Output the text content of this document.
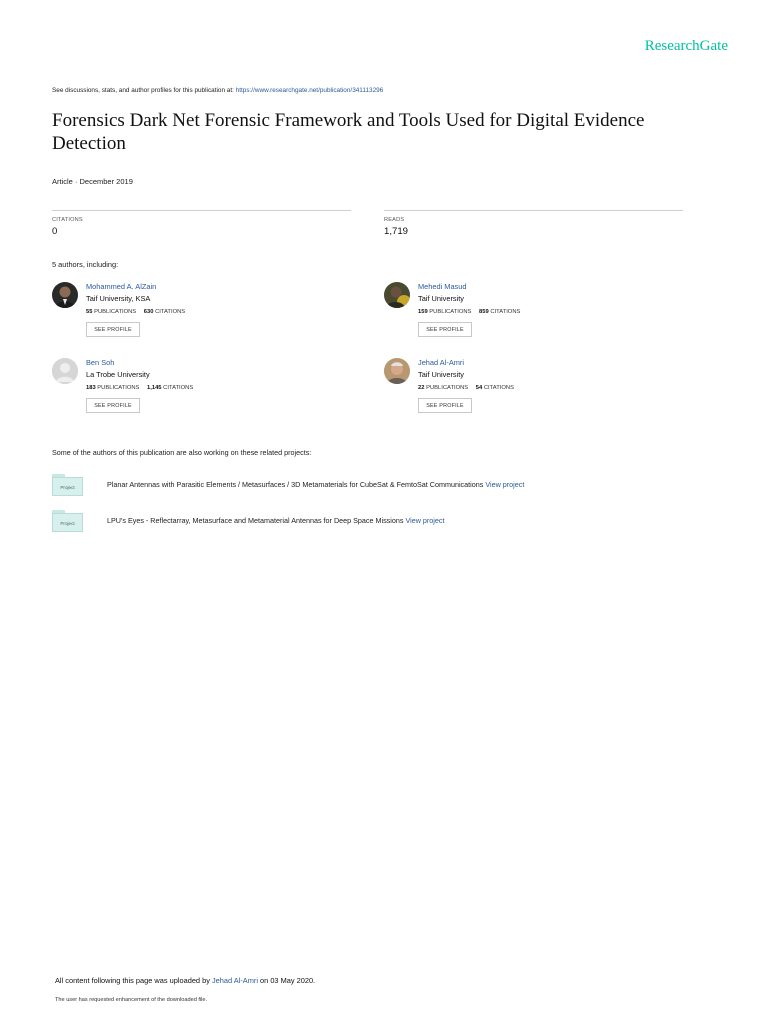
ResearchGate
See discussions, stats, and author profiles for this publication at: https://www.researchgate.net/publication/341113296
Forensics Dark Net Forensic Framework and Tools Used for Digital Evidence Detection
Article · December 2019
CITATIONS
0
READS
1,719
5 authors, including:
Mohammed A. AlZain
Taif University, KSA
55 PUBLICATIONS 630 CITATIONS
SEE PROFILE
Mehedi Masud
Taif University
159 PUBLICATIONS 859 CITATIONS
SEE PROFILE
Ben Soh
La Trobe University
183 PUBLICATIONS 1,145 CITATIONS
SEE PROFILE
Jehad Al-Amri
Taif University
22 PUBLICATIONS 54 CITATIONS
SEE PROFILE
Some of the authors of this publication are also working on these related projects:
Project	Planar Antennas with Parasitic Elements / Metasurfaces / 3D Metamaterials for CubeSat & FemtoSat Communications View project
Project	LPU's Eyes - Reflectarray, Metasurface and Metamaterial Antennas for Deep Space Missions View project
All content following this page was uploaded by Jehad Al-Amri on 03 May 2020.
The user has requested enhancement of the downloaded file.
